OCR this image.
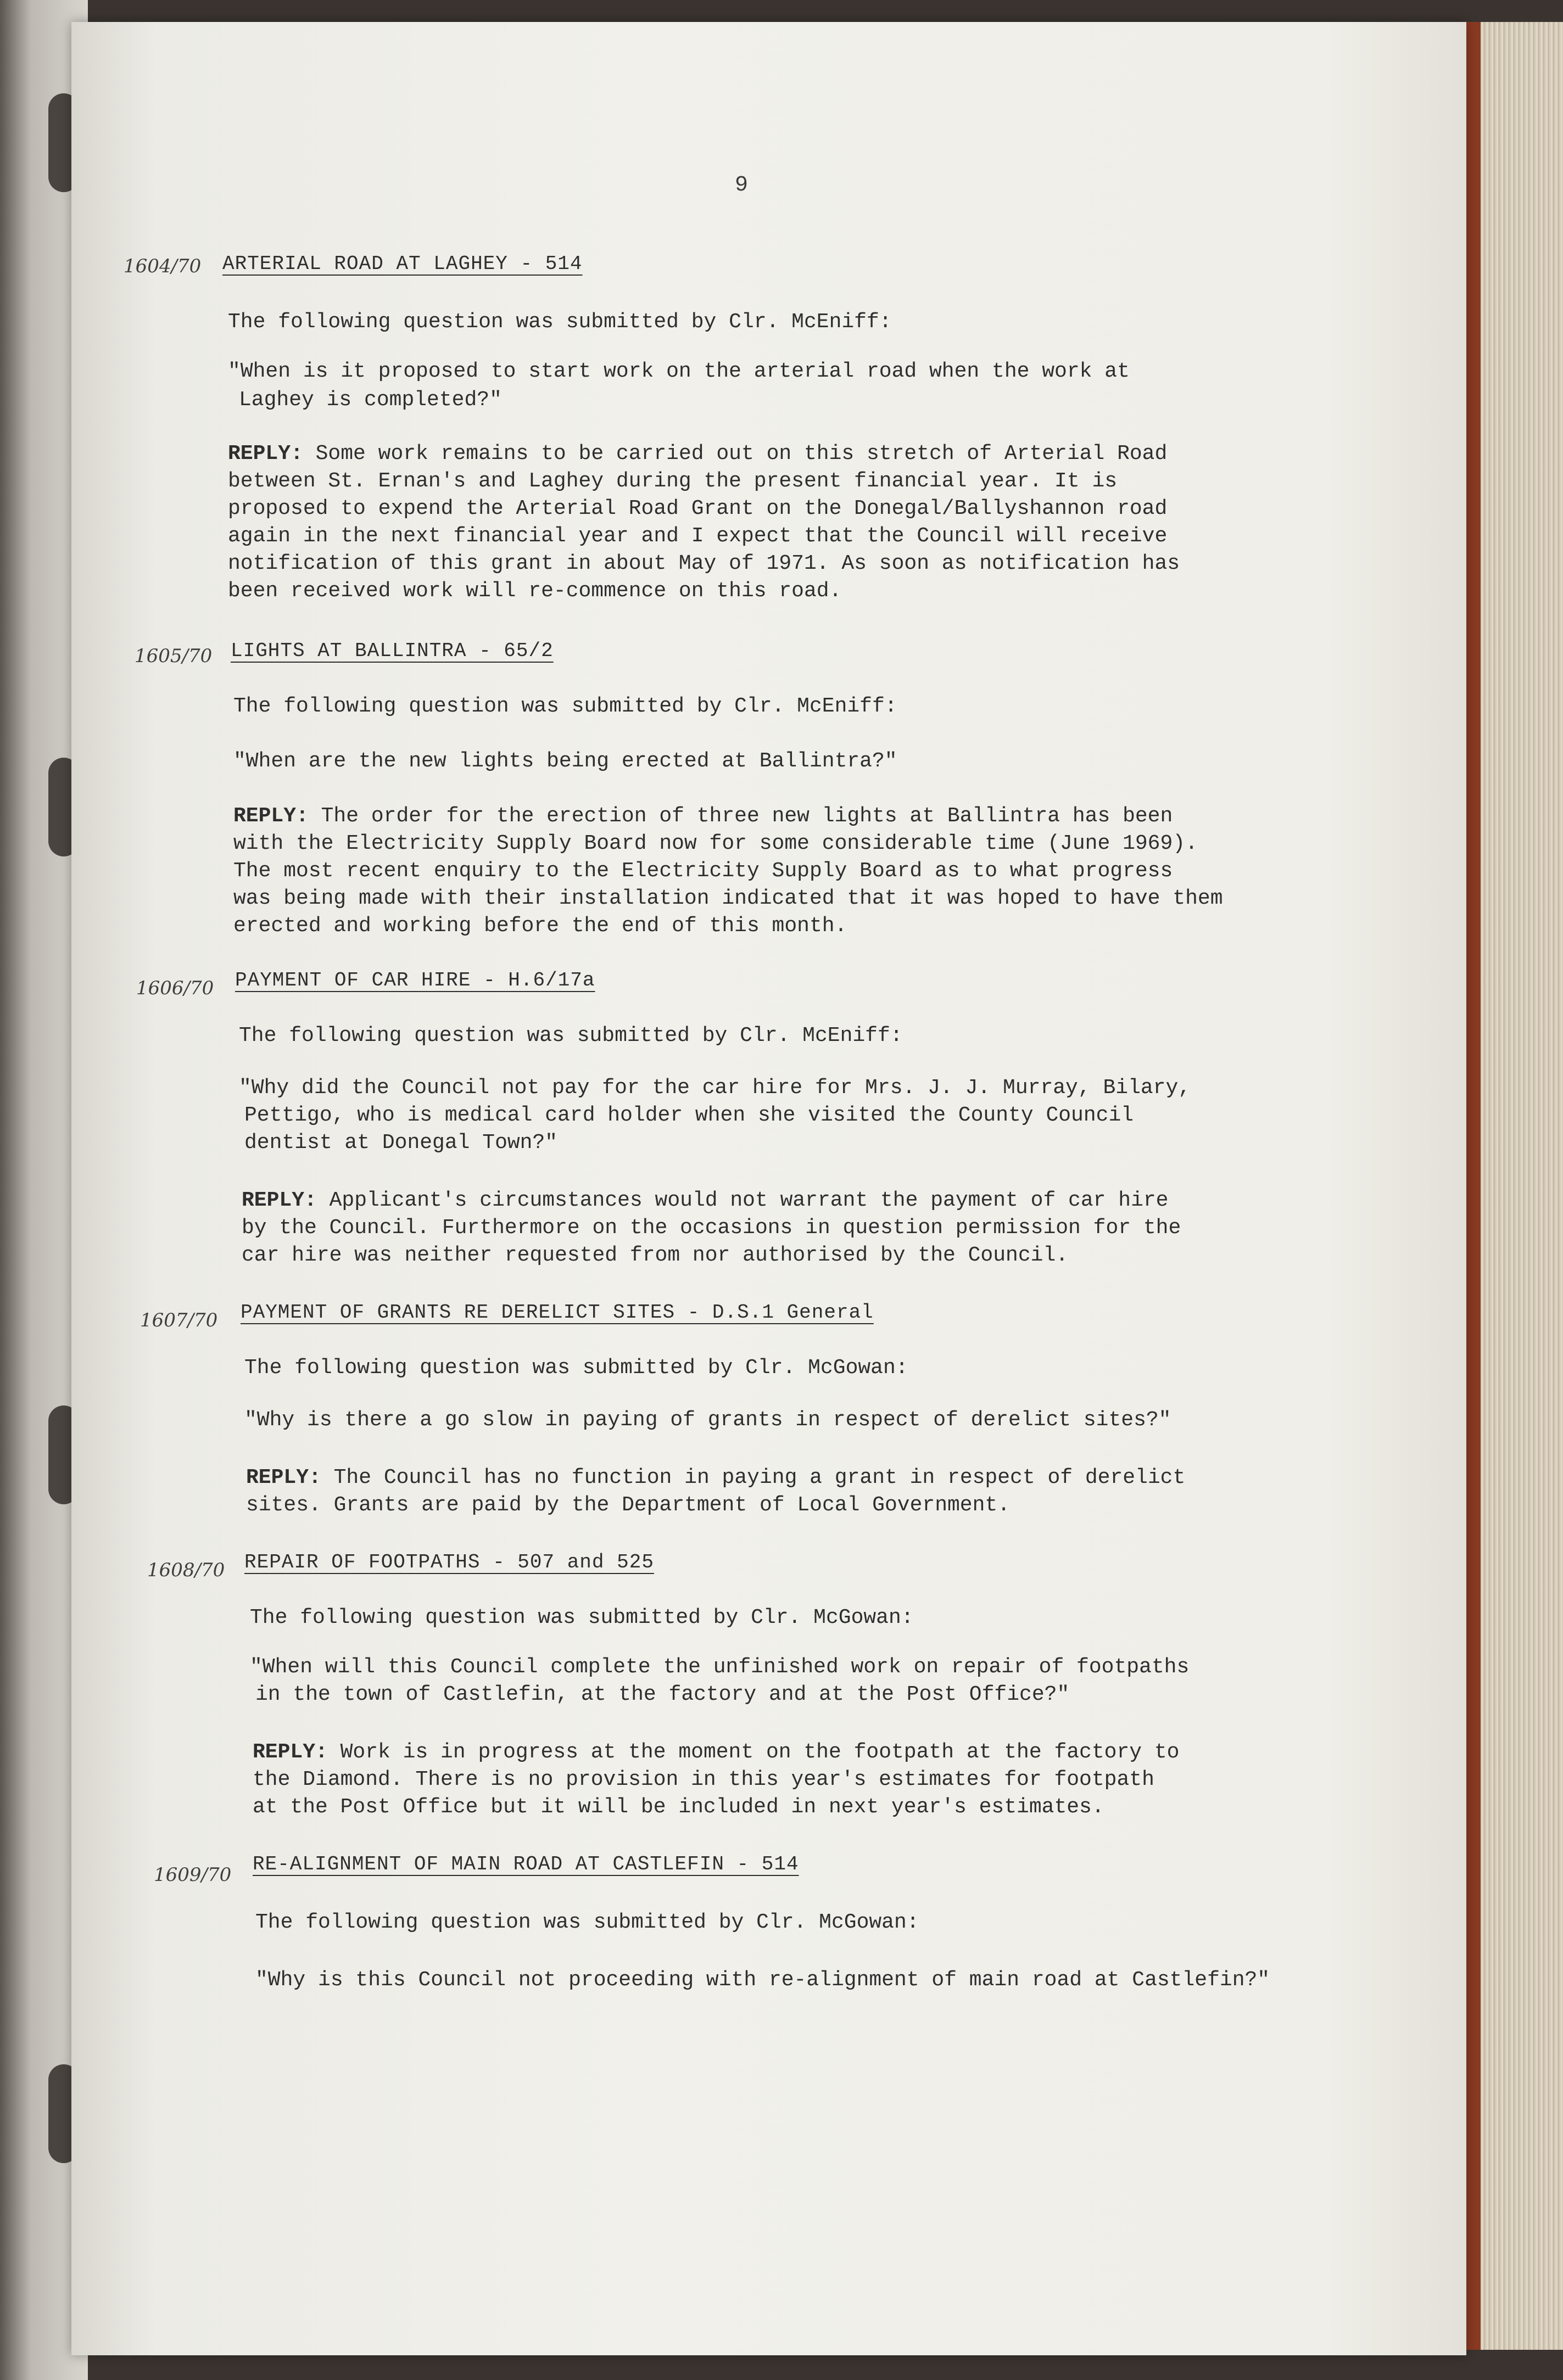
9
1604/70 ARTERIAL ROAD AT LAGHEY - 514
The following question was submitted by Clr. McEniff:
"When is it proposed to start work on the arterial road when the work at
Laghey is completed?"
REPLY: Some work remains to be carried out on this stretch of Arterial Road
between St. Ernan's and Laghey during the present financial year. It is
proposed to expend the Arterial Road Grant on the Donegal/Ballyshannon road
again in the next financial year and I expect that the Council will receive
notification of this grant in about May of 1971. As soon as notification has
been received work will re-commence on this road.
1605/70 LIGHTS AT BALLINTRA - 65/2
The following question was submitted by Clr. McEniff:
"When are the new lights being erected at Ballintra?"
REPLY: The order for the erection of three new lights at Ballintra has been
with the Electricity Supply Board now for some considerable time (June 1969).
The most recent enquiry to the Electricity Supply Board as to what progress
was being made with their installation indicated that it was hoped to have them
erected and working before the end of this month.
1606/70 PAYMENT OF CAR HIRE - H.6/17a
The following question was submitted by Clr. McEniff:
"Why did the Council not pay for the car hire for Mrs. J. J. Murray, Bilary,
Pettigo, who is medical card holder when she visited the County Council
dentist at Donegal Town?"
REPLY: Applicant's circumstances would not warrant the payment of car hire
by the Council. Furthermore on the occasions in question permission for the
car hire was neither requested from nor authorised by the Council.
1607/70 PAYMENT OF GRANTS RE DERELICT SITES - D.S.1 General
The following question was submitted by Clr. McGowan:
"Why is there a go slow in paying of grants in respect of derelict sites?"
REPLY: The Council has no function in paying a grant in respect of derelict
sites. Grants are paid by the Department of Local Government.
1608/70 REPAIR OF FOOTPATHS - 507 and 525
The following question was submitted by Clr. McGowan:
"When will this Council complete the unfinished work on repair of footpaths
in the town of Castlefin, at the factory and at the Post Office?"
REPLY: Work is in progress at the moment on the footpath at the factory to
the Diamond. There is no provision in this year's estimates for footpath
at the Post Office but it will be included in next year's estimates.
1609/70 RE-ALIGNMENT OF MAIN ROAD AT CASTLEFIN - 514
The following question was submitted by Clr. McGowan:
"Why is this Council not proceeding with re-alignment of main road at Castlefin?"
